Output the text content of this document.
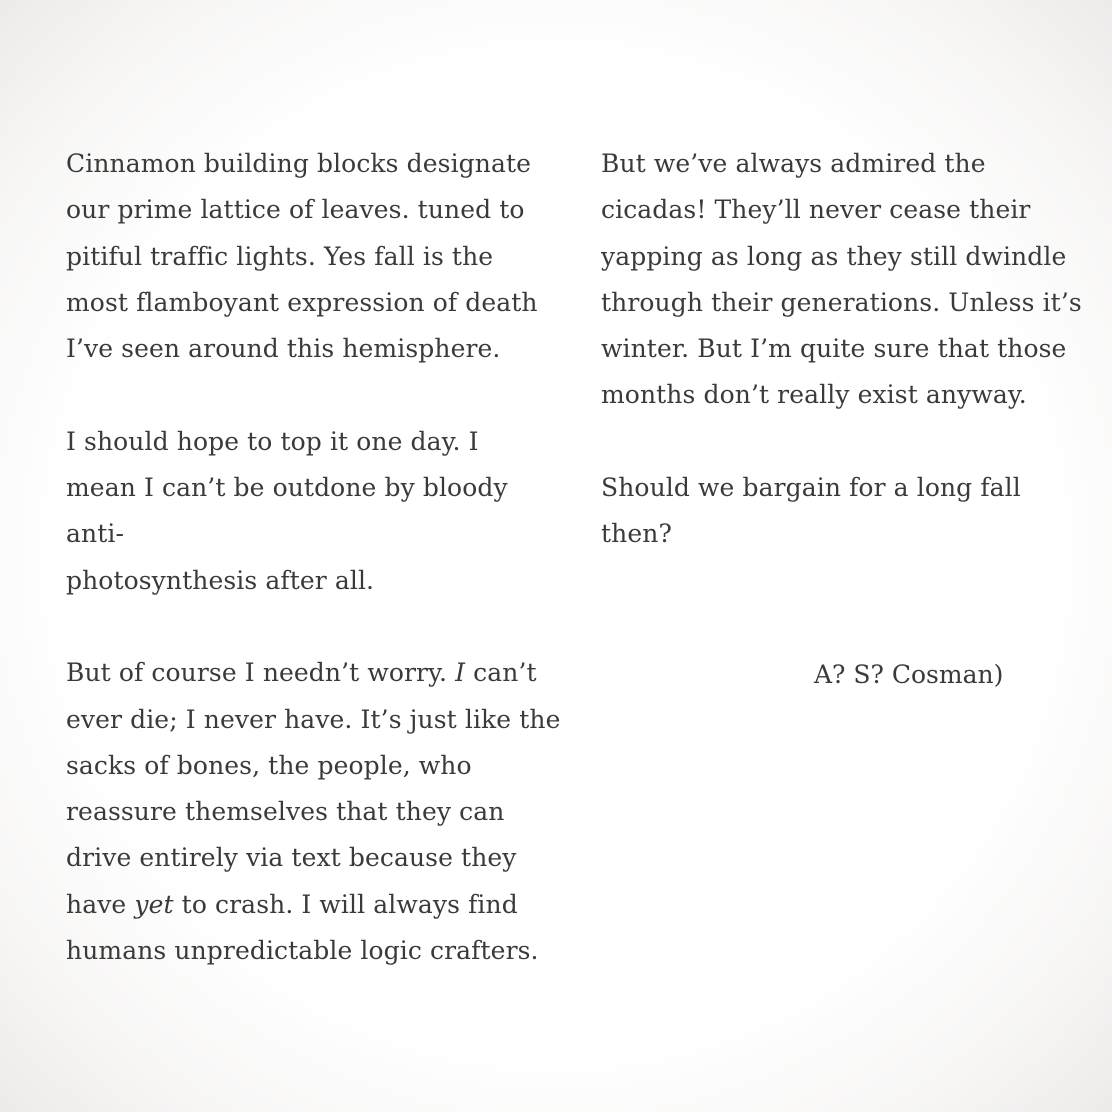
Cinnamon building blocks designate
our prime lattice of leaves. tuned to
pitiful traffic lights. Yes fall is the
most flamboyant expression of death
I’ve seen around this hemisphere.
I should hope to top it one day. I
mean I can’t be outdone by bloody
anti-
photosynthesis after all.
But of course I needn’t worry. I can’t
ever die; I never have. It’s just like the
sacks of bones, the people, who
reassure themselves that they can
drive entirely via text because they
have yet to crash. I will always find
humans unpredictable logic crafters.
But we’ve always admired the
cicadas! They’ll never cease their
yapping as long as they still dwindle
through their generations. Unless it’s
winter. But I’m quite sure that those
months don’t really exist anyway.
Should we bargain for a long fall
then?
A? S? Cosman)
